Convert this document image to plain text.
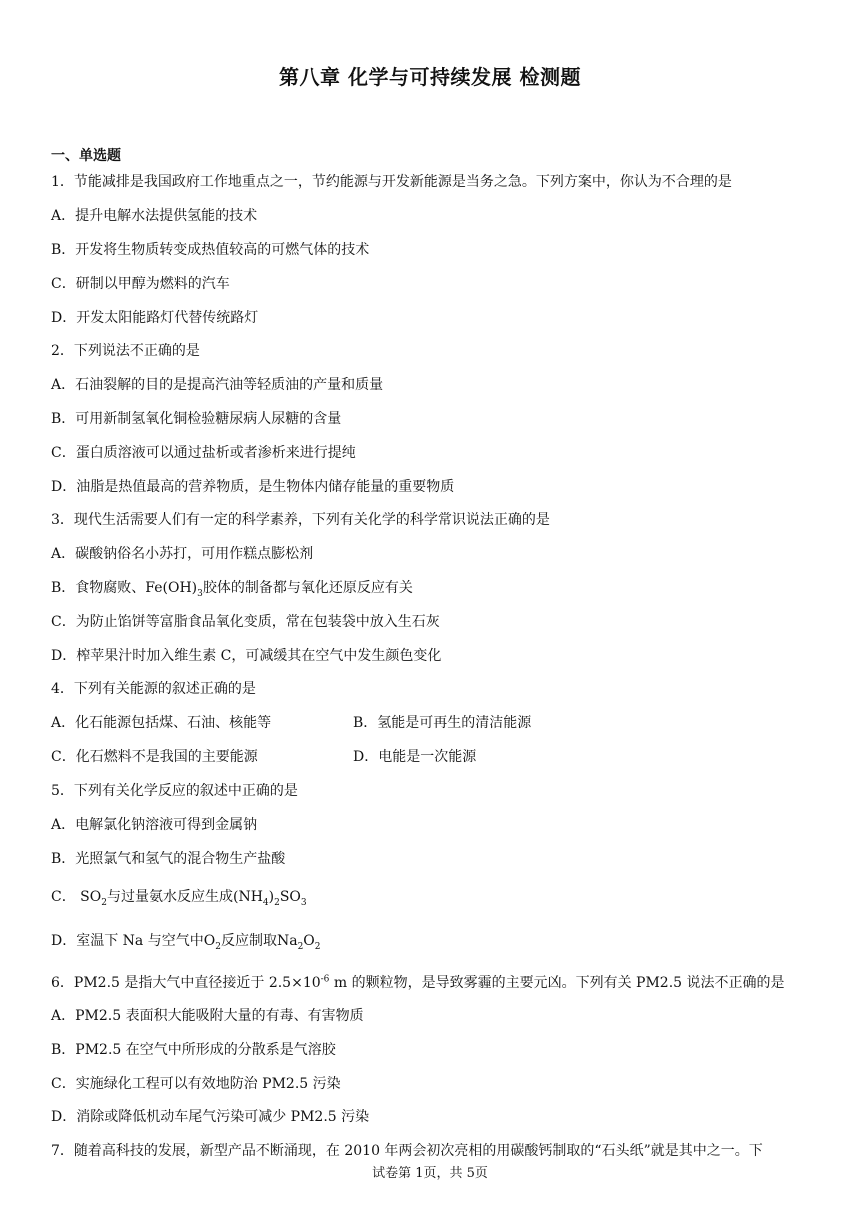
第八章 化学与可持续发展 检测题
一、单选题
1．节能减排是我国政府工作地重点之一，节约能源与开发新能源是当务之急。下列方案中，你认为不合理的是
A．提升电解水法提供氢能的技术
B．开发将生物质转变成热值较高的可燃气体的技术
C．研制以甲醇为燃料的汽车
D．开发太阳能路灯代替传统路灯
2．下列说法不正确的是
A．石油裂解的目的是提高汽油等轻质油的产量和质量
B．可用新制氢氧化铜检验糖尿病人尿糖的含量
C．蛋白质溶液可以通过盐析或者渗析来进行提纯
D．油脂是热值最高的营养物质，是生物体内储存能量的重要物质
3．现代生活需要人们有一定的科学素养，下列有关化学的科学常识说法正确的是
A．碳酸钠俗名小苏打，可用作糕点膨松剂
B．食物腐败、$Fe(OH)_3$胶体的制备都与氧化还原反应有关
C．为防止馅饼等富脂食品氧化变质，常在包装袋中放入生石灰
D．榨苹果汁时加入维生素 C，可减缓其在空气中发生颜色变化
4．下列有关能源的叙述正确的是
A．化石能源包括煤、石油、核能等	B．氢能是可再生的清洁能源
C．化石燃料不是我国的主要能源	D．电能是一次能源
5．下列有关化学反应的叙述中正确的是
A．电解氯化钠溶液可得到金属钠
B．光照氯气和氢气的混合物生产盐酸
C． $SO_2$与过量氨水反应生成$(NH_4)_2SO_3$
D．室温下 Na 与空气中$O_2$反应制取$Na_2O_2$
6．PM2.5 是指大气中直径接近于 $2.5\times 10^{-6}$ m 的颗粒物，是导致雾霾的主要元凶。下列有关 PM2.5 说法不正确的是
A．PM2.5 表面积大能吸附大量的有毒、有害物质
B．PM2.5 在空气中所形成的分散系是气溶胶
C．实施绿化工程可以有效地防治 PM2.5 污染
D．消除或降低机动车尾气污染可减少 PM2.5 污染
7．随着高科技的发展，新型产品不断涌现，在 2010 年两会初次亮相的用碳酸钙制取的“石头纸”就是其中之一。下
试卷第 1页，共 5页
